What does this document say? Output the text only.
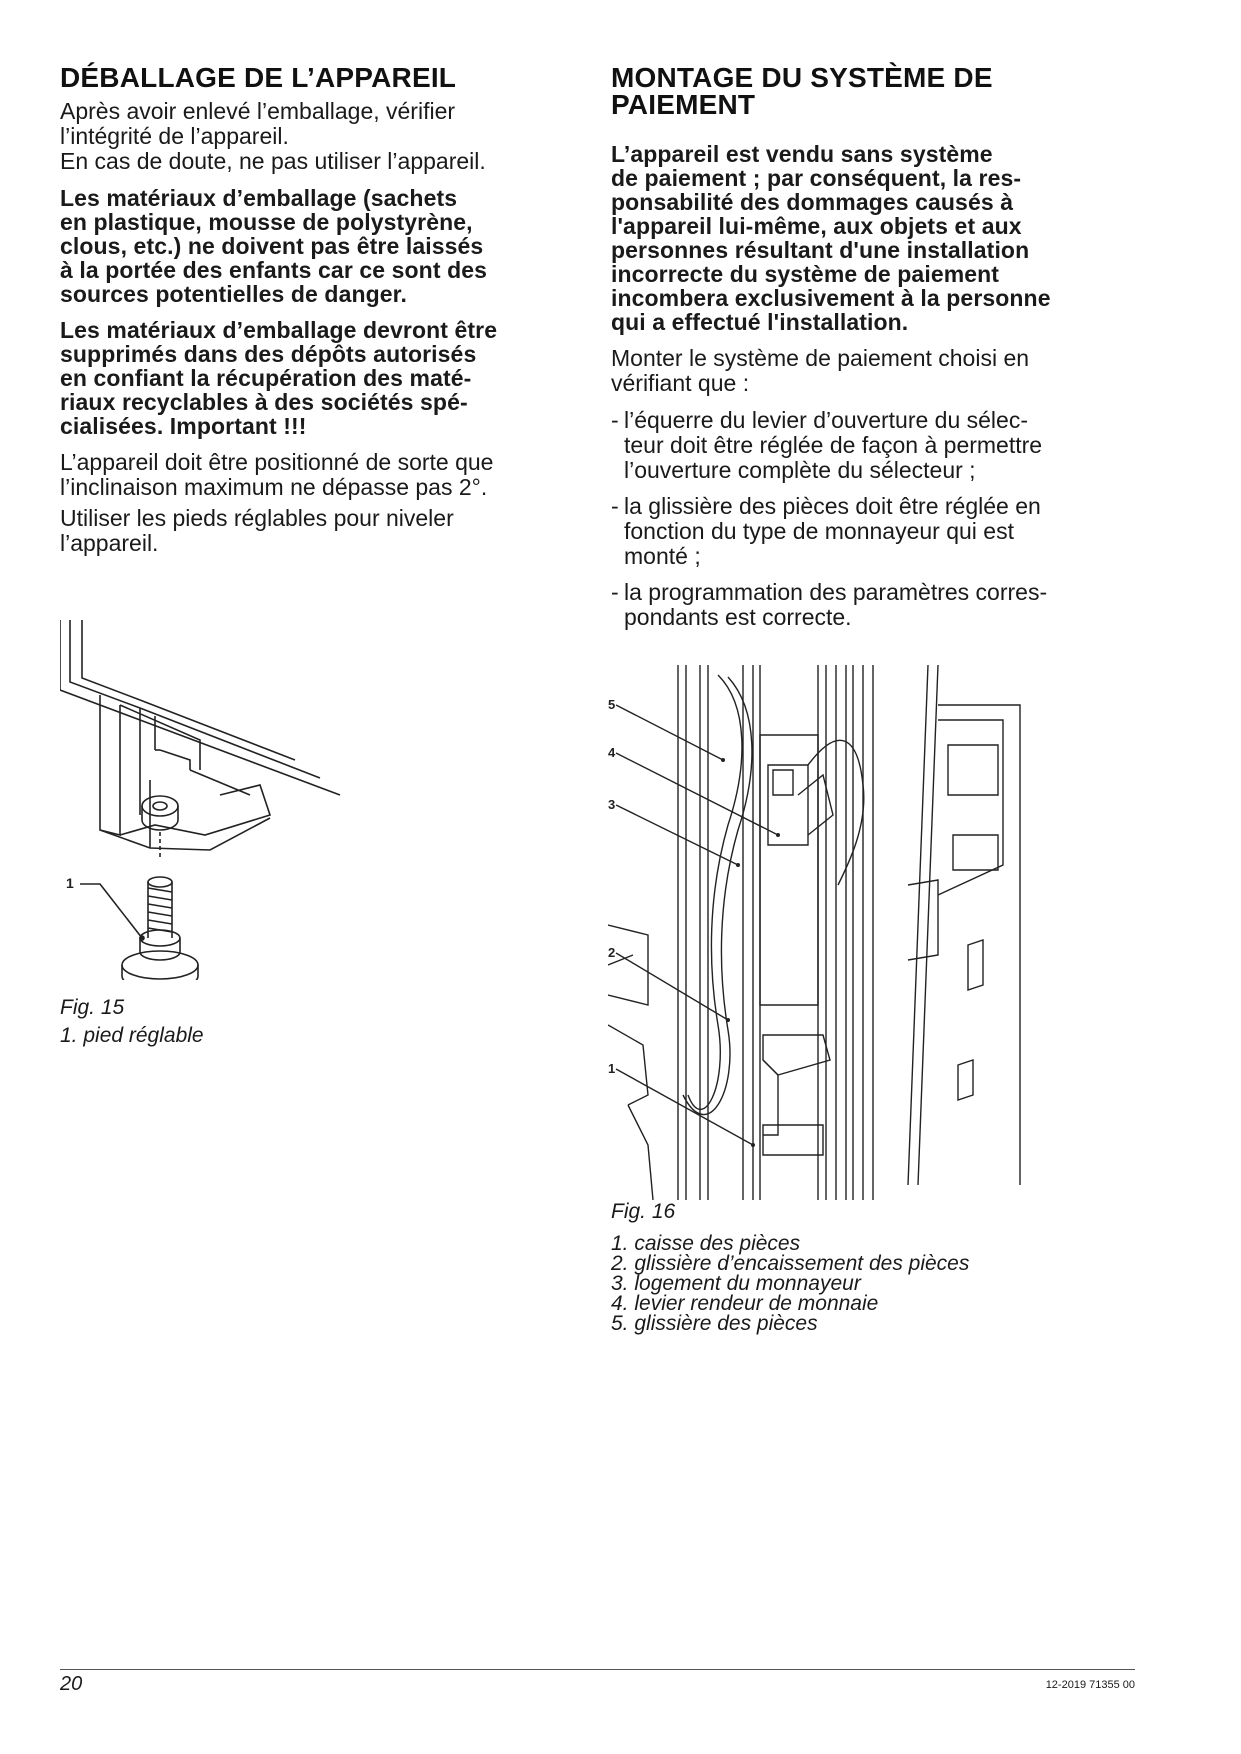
DÉBALLAGE DE L’APPAREIL

Après avoir enlevé l’emballage, vérifier

l’intégrité de l’appareil.

En cas de doute, ne pas utiliser l’appareil.

Les matériaux d’emballage (sachets

en plastique, mousse de polystyrène,

clous, etc.) ne doivent pas être laissés

à la portée des enfants car ce sont des

sources potentielles de danger.

Les matériaux d’emballage devront être

supprimés dans des dépôts autorisés

en confiant la récupération des maté-

riaux recyclables à des sociétés spé-

cialisées. Important !!!

L’appareil doit être positionné de sorte que

l’inclinaison maximum ne dépasse pas 2°.

Utiliser les pieds réglables pour niveler

l’appareil.

1
Fig. 15
1. pied réglable
MONTAGE DU SYSTÈME DE
PAIEMENT

L’appareil est vendu sans système

de paiement ; par conséquent, la res-

ponsabilité des dommages causés à

l'appareil lui-même, aux objets et aux

personnes résultant d'une installation

incorrecte du système de paiement

incombera exclusivement à la personne

qui a effectué l'installation.

Monter le système de paiement choisi en

vérifiant que :

- l’équerre du levier d’ouverture du sélec-
teur doit être réglée de façon à permettre
l’ouverture complète du sélecteur ;
- la glissière des pièces doit être réglée en
fonction du type de monnayeur qui est
monté ;
- la programmation des paramètres corres-
pondants est correcte.
5
4
3
2
1
Fig. 16
1. caisse des pièces
2. glissière d’encaissement des pièces
3. logement du monnayeur
4. levier rendeur de monnaie
5. glissière des pièces
20	12-2019 71355 00
